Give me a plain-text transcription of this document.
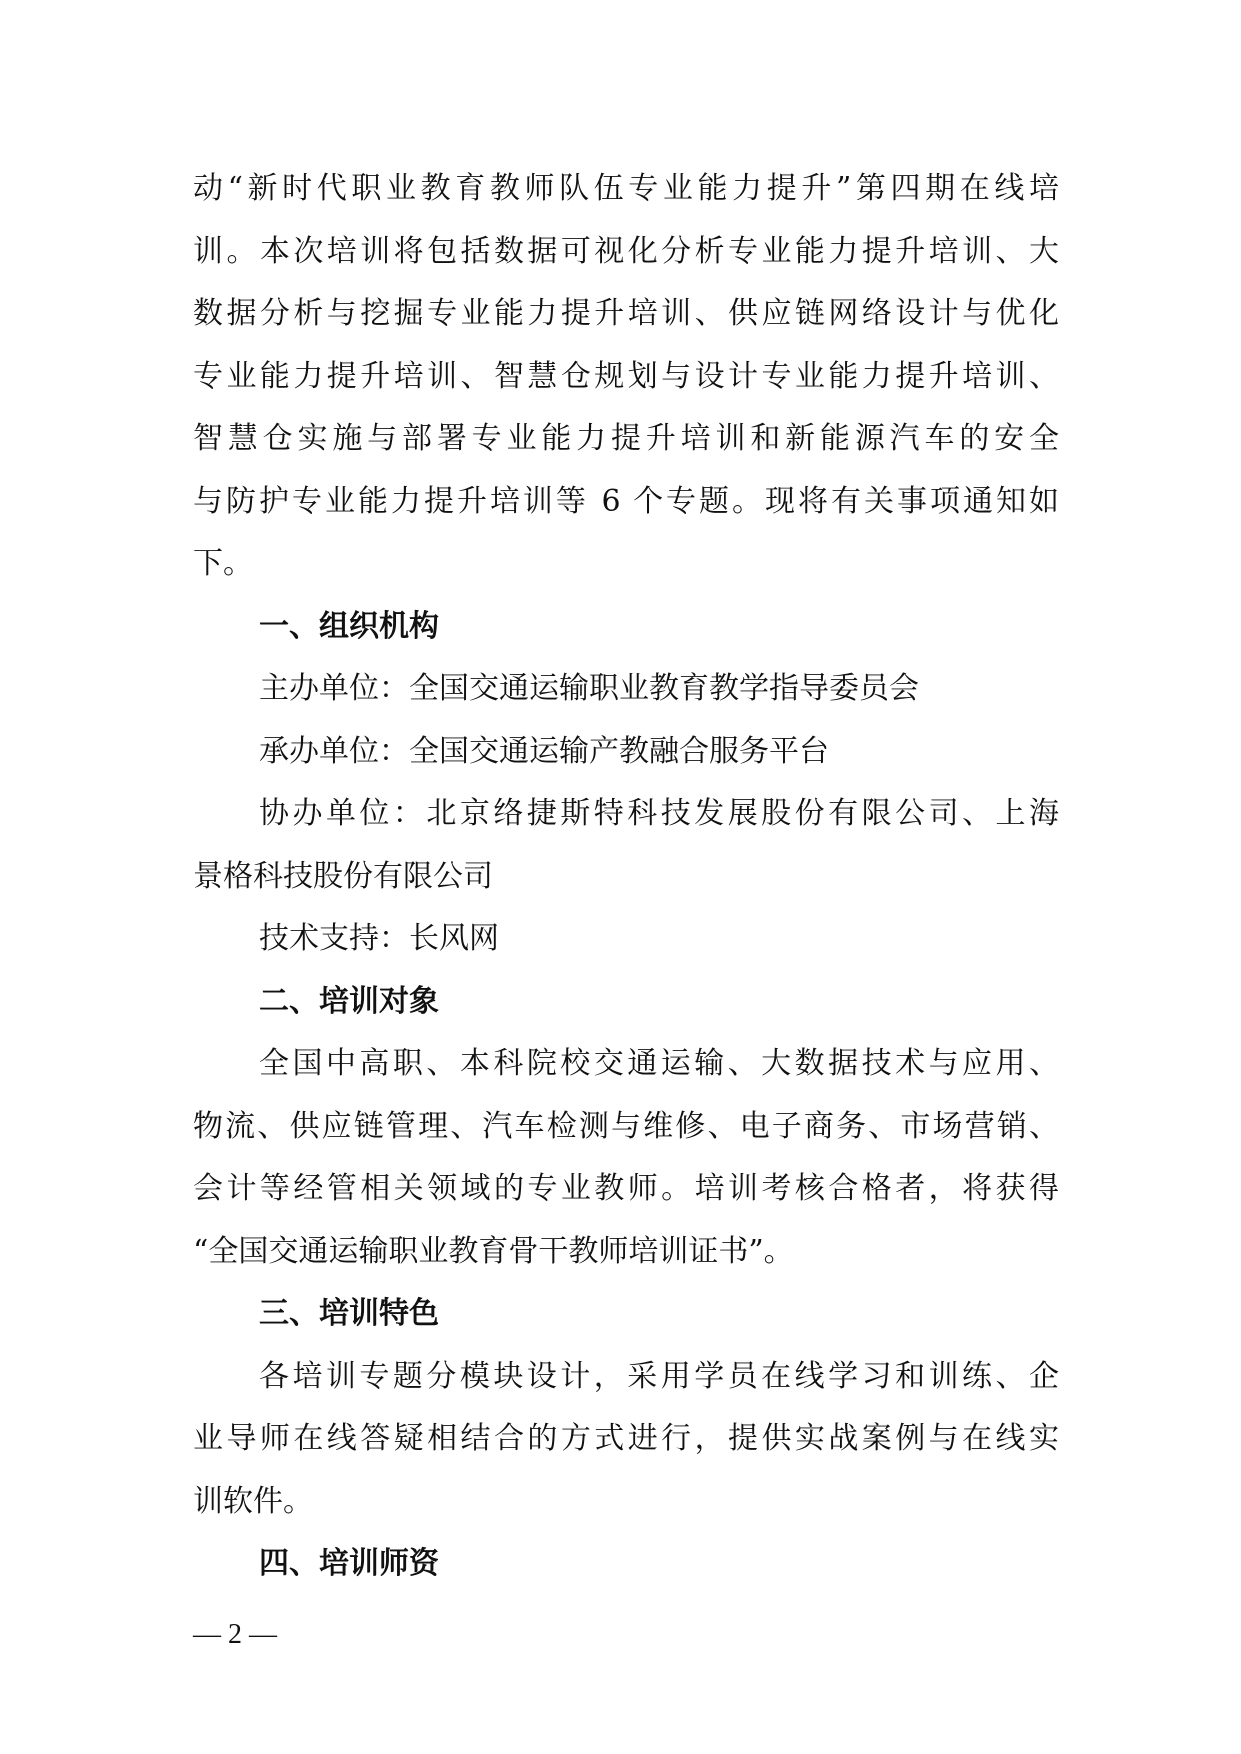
动“新时代职业教育教师队伍专业能力提升”第四期在线培
训。本次培训将包括数据可视化分析专业能力提升培训、大
数据分析与挖掘专业能力提升培训、供应链网络设计与优化
专业能力提升培训、智慧仓规划与设计专业能力提升培训、
智慧仓实施与部署专业能力提升培训和新能源汽车的安全
与防护专业能力提升培训等 6 个专题。现将有关事项通知如
下。
一、组织机构
主办单位：全国交通运输职业教育教学指导委员会
承办单位：全国交通运输产教融合服务平台
协办单位：北京络捷斯特科技发展股份有限公司、上海
景格科技股份有限公司
技术支持：长风网
二、培训对象
全国中高职、本科院校交通运输、大数据技术与应用、
物流、供应链管理、汽车检测与维修、电子商务、市场营销、
会计等经管相关领域的专业教师。培训考核合格者，将获得
“全国交通运输职业教育骨干教师培训证书”。
三、培训特色
各培训专题分模块设计，采用学员在线学习和训练、企
业导师在线答疑相结合的方式进行，提供实战案例与在线实
训软件。
四、培训师资
— 2 —
